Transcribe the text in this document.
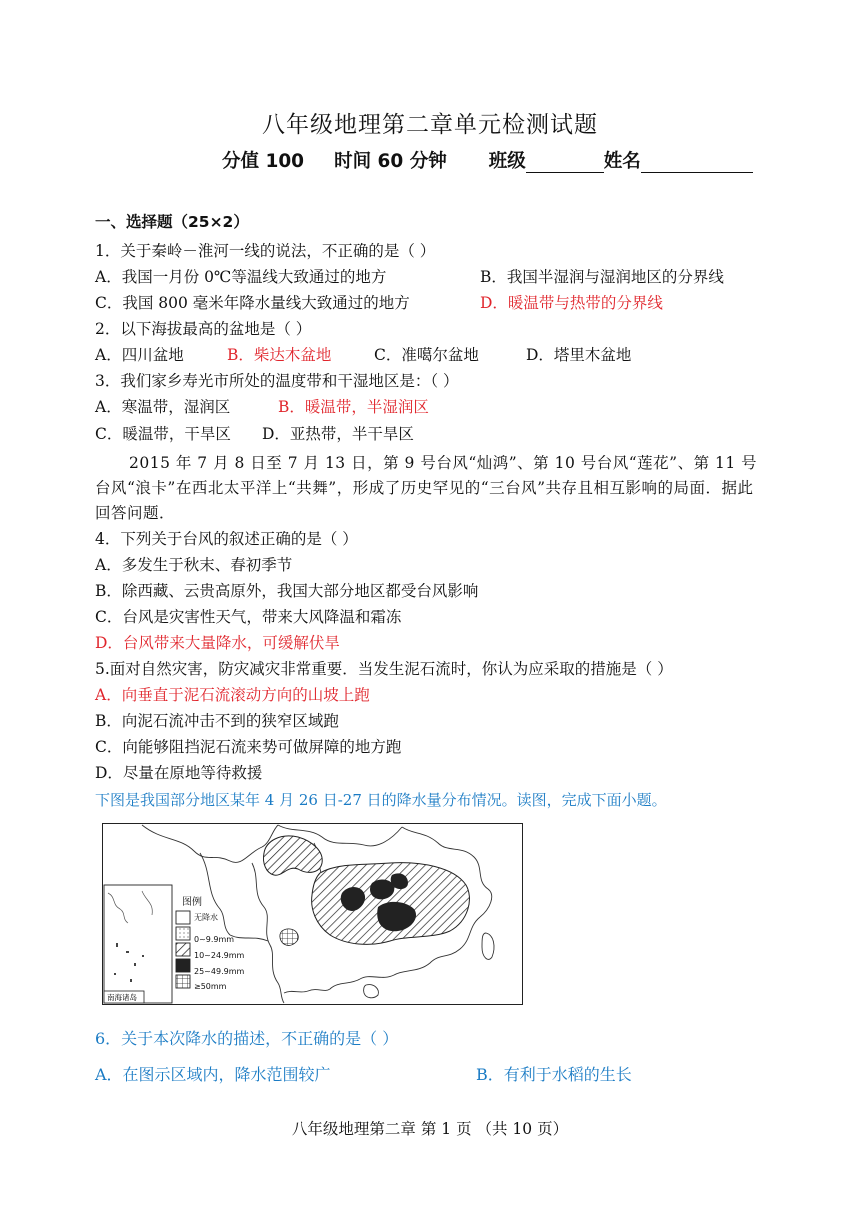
八年级地理第二章单元检测试题
分值 100 时间 60 分钟 班级	姓名
一、选择题（25×2）
1．关于秦岭－淮河一线的说法，不正确的是（ ）
A．我国一月份 0℃等温线大致通过的地方	B．我国半湿润与湿润地区的分界线
C．我国 800 毫米年降水量线大致通过的地方	D．暖温带与热带的分界线
2．以下海拔最高的盆地是（ ）
A．四川盆地	B．柴达木盆地	C．准噶尔盆地	D．塔里木盆地
3．我们家乡寿光市所处的温度带和干湿地区是：（ ）
A．寒温带，湿润区	B．暖温带，半湿润区
C．暖温带，干旱区 D．亚热带，半干旱区
2015 年 7 月 8 日至 7 月 13 日，第 9 号台风“灿鸿”、第 10 号台风“莲花”、第 11 号台风“浪卡”在西北太平洋上“共舞”，形成了历史罕见的“三台风”共存且相互影响的局面．据此回答问题．
4．下列关于台风的叙述正确的是（ ）
A．多发生于秋末、春初季节
B．除西藏、云贵高原外，我国大部分地区都受台风影响
C．台风是灾害性天气，带来大风降温和霜冻
D．台风带来大量降水，可缓解伏旱
5.面对自然灾害，防灾减灾非常重要．当发生泥石流时，你认为应采取的措施是（ ）
A．向垂直于泥石流滚动方向的山坡上跑
B．向泥石流冲击不到的狭窄区域跑
C．向能够阻挡泥石流来势可做屏障的地方跑
D．尽量在原地等待救援
下图是我国部分地区某年 4 月 26 日-27 日的降水量分布情况。读图，完成下面小题。
南海诸岛
图例
无降水
0~9.9mm
10~24.9mm
25~49.9mm
≥50mm
6．关于本次降水的描述，不正确的是（ ）
A．在图示区域内，降水范围较广	B．有利于水稻的生长
八年级地理第二章 第 1 页 （共 10 页）
